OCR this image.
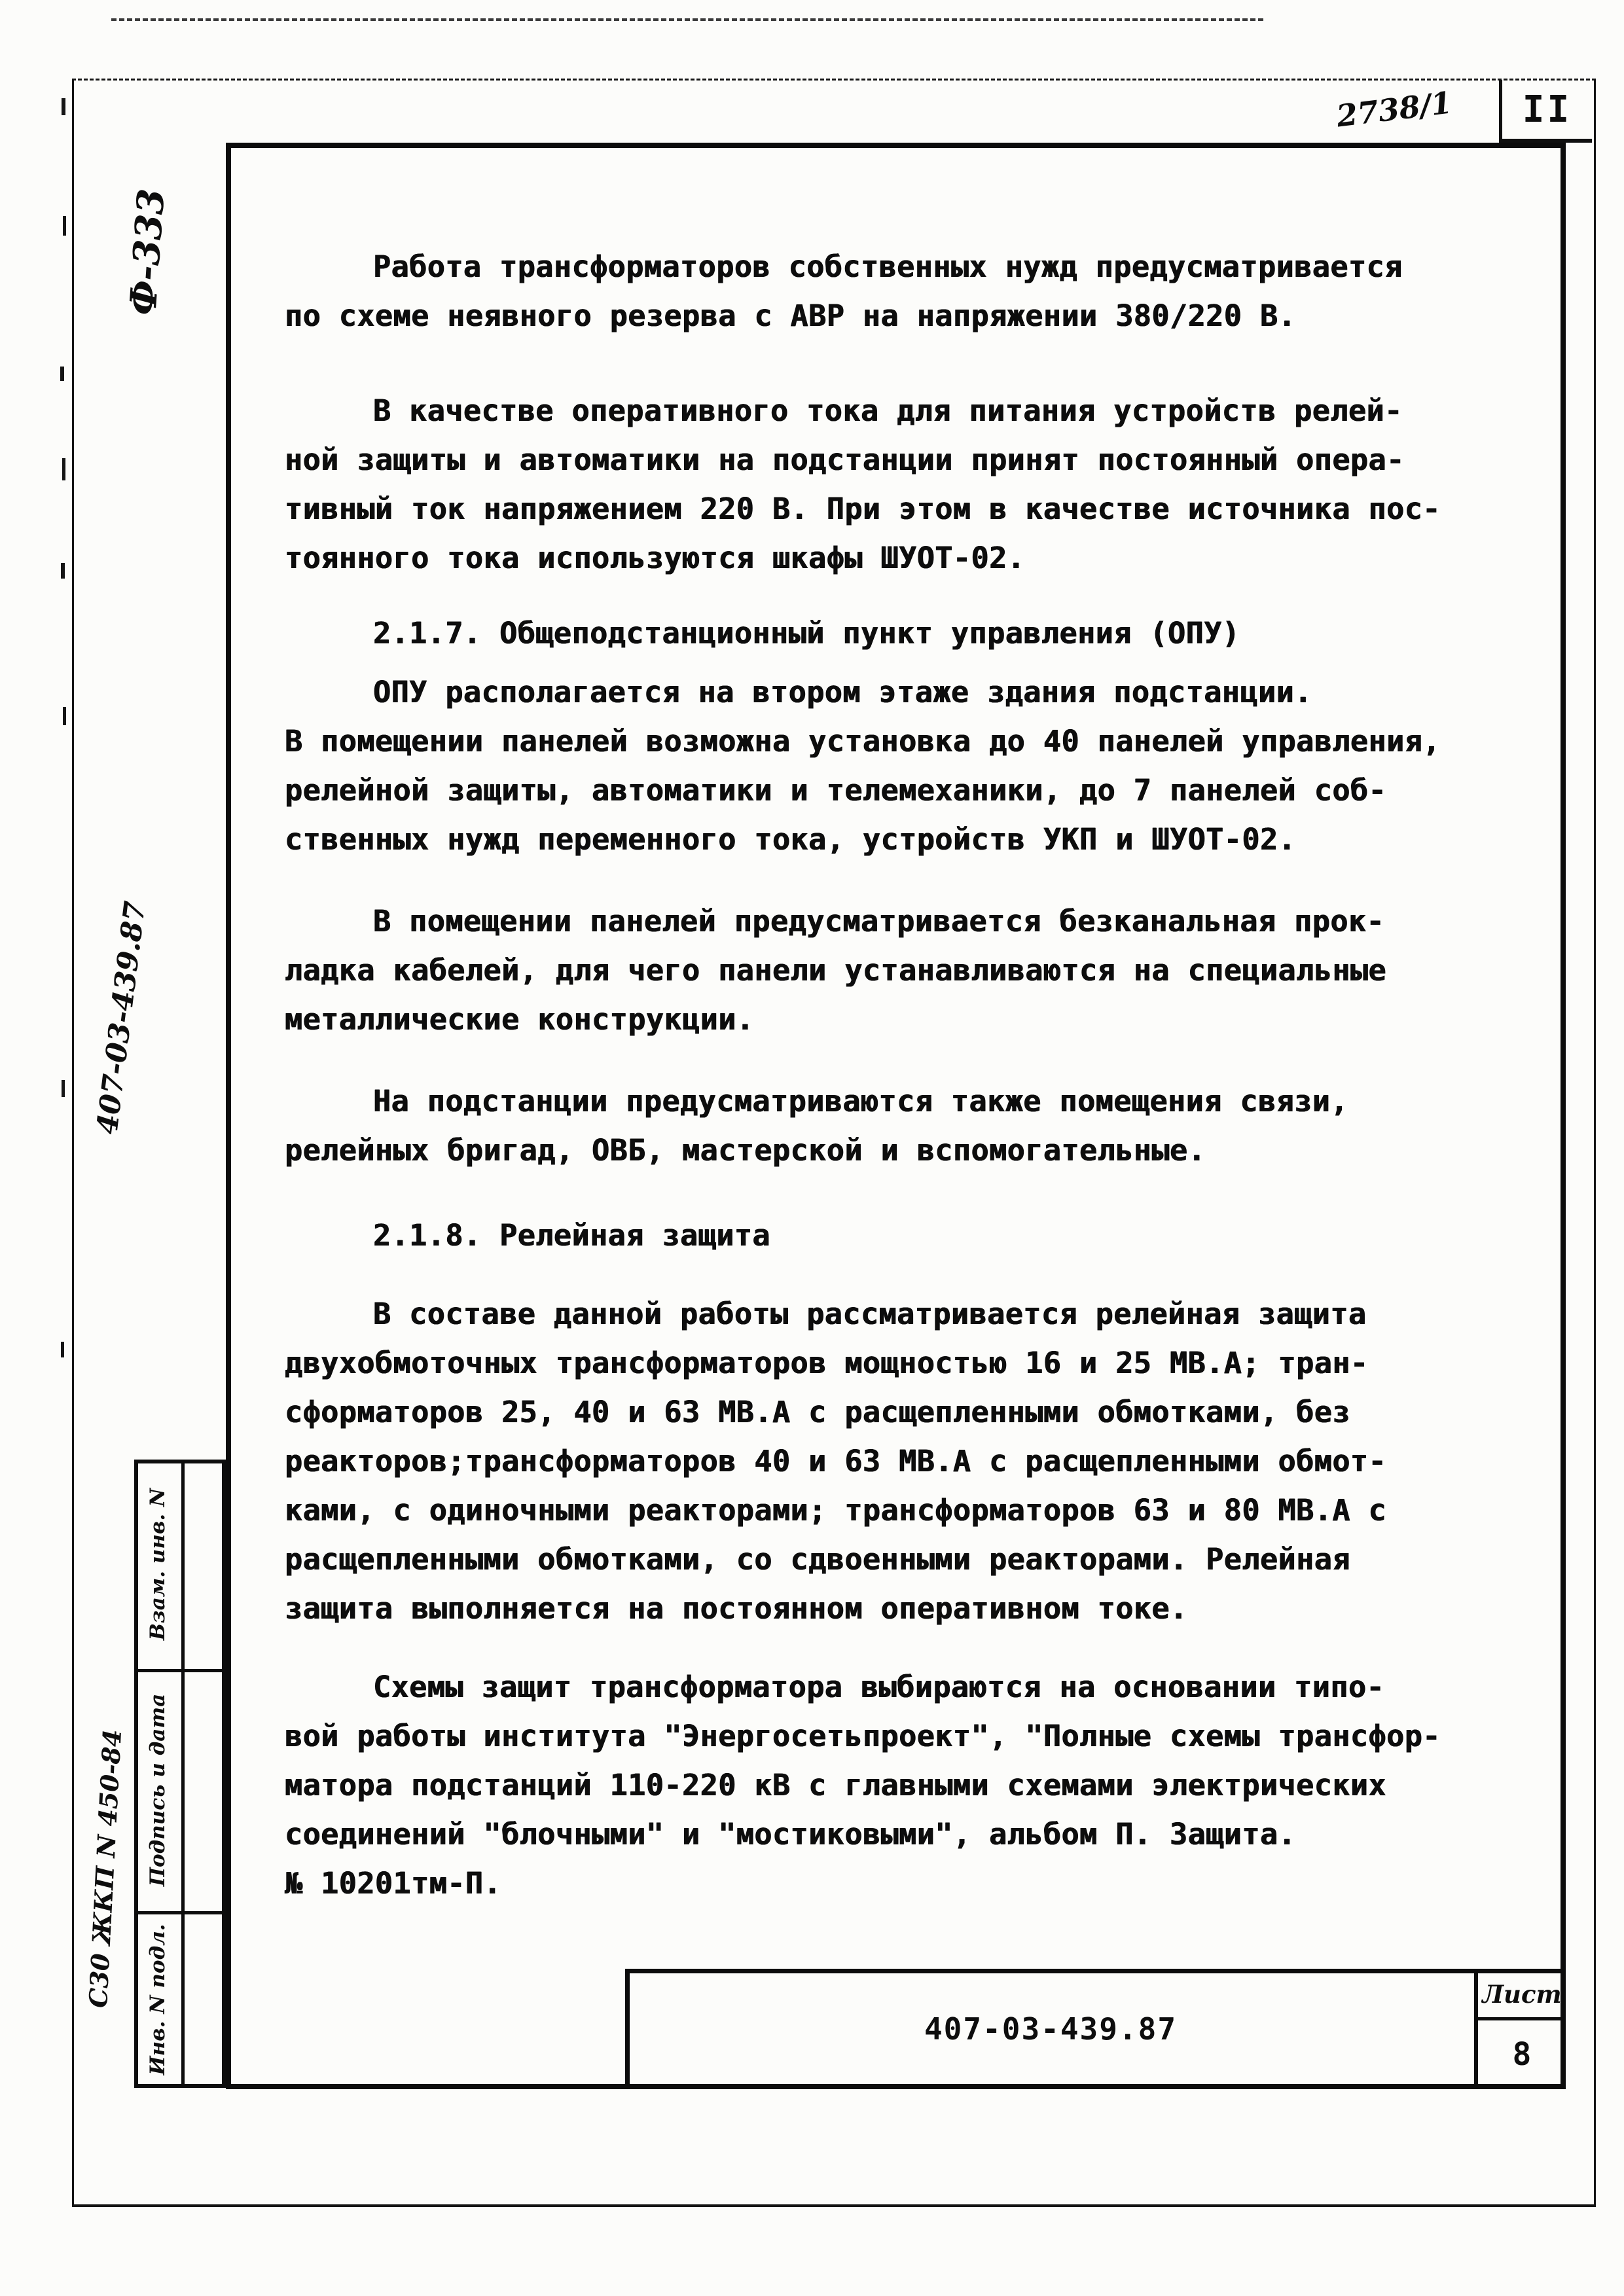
2738/1	II
Ф-333
407-03-439.87
С30 ЖКП N 450-84
Взам. инв. N
Подпись и дата
Инв. N подл.
Работа трансформаторов собственных нужд предусматривается
по схеме неявного резерва с АВР на напряжении 380/220 В.
В качестве оперативного тока для питания устройств релей-
ной защиты и автоматики на подстанции принят постоянный опера-
тивный ток напряжением 220 В. При этом в качестве источника пос-
тоянного тока используются шкафы ШУОТ-02.
2.1.7. Общеподстанционный пункт управления (ОПУ)
ОПУ располагается на втором этаже здания подстанции.
В помещении панелей возможна установка до 40 панелей управления,
релейной защиты, автоматики и телемеханики, до 7 панелей соб-
ственных нужд переменного тока, устройств УКП и ШУОТ-02.
В помещении панелей предусматривается безканальная прок-
ладка кабелей, для чего панели устанавливаются на специальные
металлические конструкции.
На подстанции предусматриваются также помещения связи,
релейных бригад, ОВБ, мастерской и вспомогательные.
2.1.8. Релейная защита
В составе данной работы рассматривается релейная защита
двухобмоточных трансформаторов мощностью 16 и 25 МВ.А; тран-
сформаторов 25, 40 и 63 МВ.А с расщепленными обмотками, без
реакторов;трансформаторов 40 и 63 МВ.А с расщепленными обмот-
ками, с одиночными реакторами; трансформаторов 63 и 80 МВ.А с
расщепленными обмотками, со сдвоенными реакторами. Релейная
защита выполняется на постоянном оперативном токе.
Схемы защит трансформатора выбираются на основании типо-
вой работы института "Энергосетьпроект", "Полные схемы трансфор-
матора подстанций 110-220 кВ с главными схемами электрических
соединений "блочными" и "мостиковыми", альбом П. Защита.
№ 10201тм-П.
407-03-439.87
Лист
8
